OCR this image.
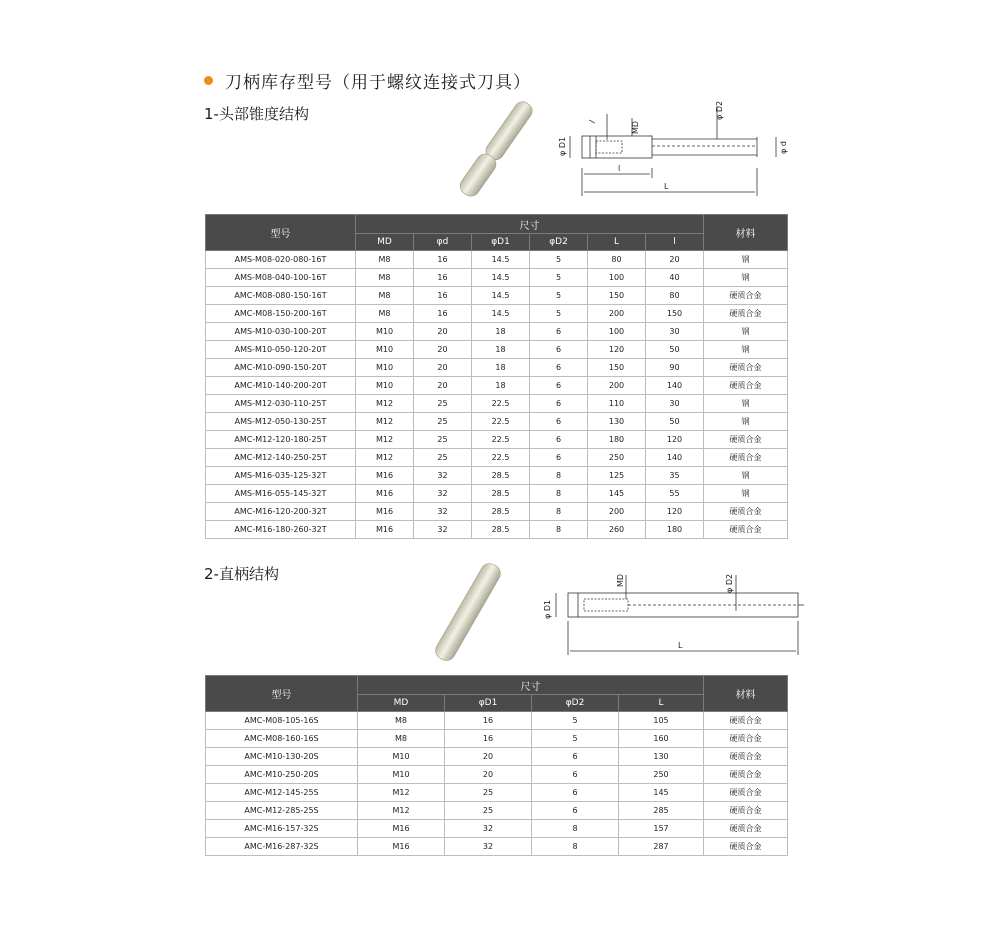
刀柄库存型号（用于螺纹连接式刀具）
1-头部锥度结构
φ D1
l	MD
φ D2
φ d
L
l
型号	尺寸						材料
	MD	φd	φD1	φD2	L	l	
AMS-M08-020-080-16T	M8	16	14.5	5	80	20	钢
AMS-M08-040-100-16T	M8	16	14.5	5	100	40	钢
AMC-M08-080-150-16T	M8	16	14.5	5	150	80	硬质合金
AMC-M08-150-200-16T	M8	16	14.5	5	200	150	硬质合金
AMS-M10-030-100-20T	M10	20	18	6	100	30	钢
AMS-M10-050-120-20T	M10	20	18	6	120	50	钢
AMC-M10-090-150-20T	M10	20	18	6	150	90	硬质合金
AMC-M10-140-200-20T	M10	20	18	6	200	140	硬质合金
AMS-M12-030-110-25T	M12	25	22.5	6	110	30	钢
AMS-M12-050-130-25T	M12	25	22.5	6	130	50	钢
AMC-M12-120-180-25T	M12	25	22.5	6	180	120	硬质合金
AMC-M12-140-250-25T	M12	25	22.5	6	250	140	硬质合金
AMS-M16-035-125-32T	M16	32	28.5	8	125	35	钢
AMS-M16-055-145-32T	M16	32	28.5	8	145	55	钢
AMC-M16-120-200-32T	M16	32	28.5	8	200	120	硬质合金
AMC-M16-180-260-32T	M16	32	28.5	8	260	180	硬质合金
2-直柄结构	MD	φ D2
φ D1
L
型号	尺寸				材料
	MD	φD1	φD2	L	
AMC-M08-105-16S	M8	16	5	105	硬质合金
AMC-M08-160-16S	M8	16	5	160	硬质合金
AMC-M10-130-20S	M10	20	6	130	硬质合金
AMC-M10-250-20S	M10	20	6	250	硬质合金
AMC-M12-145-25S	M12	25	6	145	硬质合金
AMC-M12-285-25S	M12	25	6	285	硬质合金
AMC-M16-157-32S	M16	32	8	157	硬质合金
AMC-M16-287-32S	M16	32	8	287	硬质合金
